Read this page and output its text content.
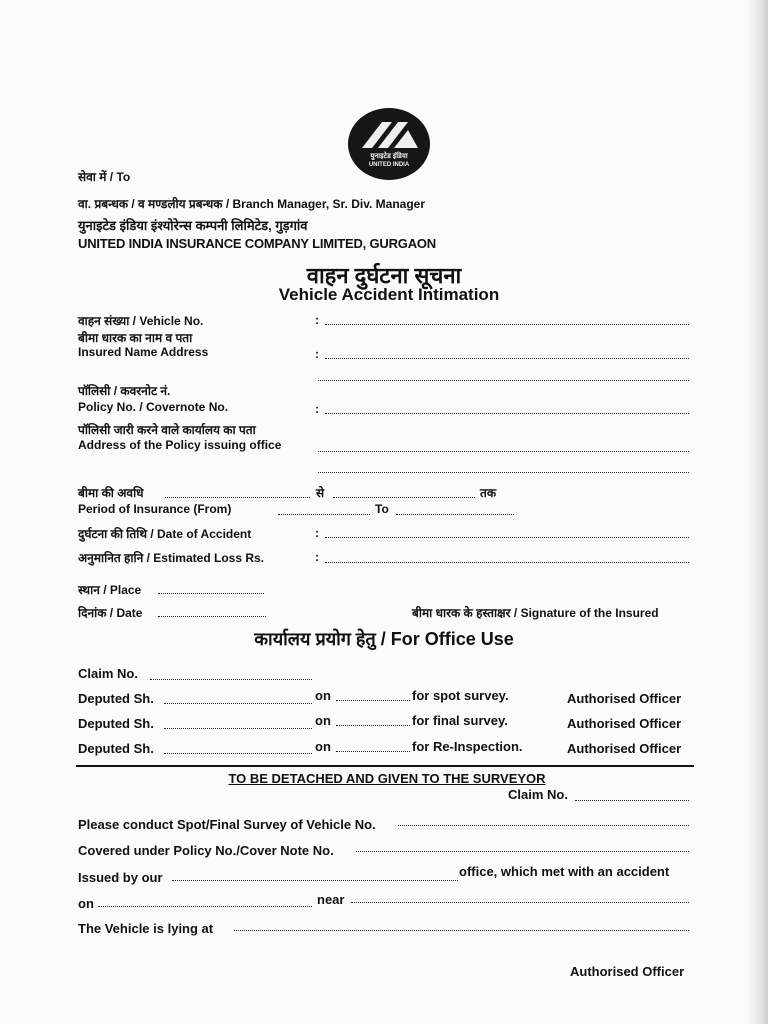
युनाइटेड इंडिया
UNITED INDIA
सेवा में / To
वा. प्रबन्धक / व मण्डलीय प्रबन्धक / Branch Manager, Sr. Div. Manager
युनाइटेड इंडिया इंश्योरेन्स कम्पनी लिमिटेड, गुड़गांव
UNITED INDIA INSURANCE COMPANY LIMITED, GURGAON
वाहन दुर्घटना सूचना
Vehicle Accident Intimation
वाहन संख्या / Vehicle No.	:
बीमा धारक का नाम व पता
Insured Name Address	:
पॉलिसी / कवरनोट नं.
Policy No. / Covernote No.	:
पॉलिसी जारी करने वाले कार्यालय का पता
Address of the Policy issuing office
बीमा की अवधि	से	तक
Period of Insurance (From)	To
दुर्घटना की तिथि / Date of Accident	:
अनुमानित हानि / Estimated Loss Rs.	:
स्थान / Place
दिनांक / Date	बीमा धारक के हस्ताक्षर / Signature of the Insured
कार्यालय प्रयोग हेतु / For Office Use
Claim No.
Deputed Sh.	on	for spot survey.	Authorised Officer
Deputed Sh.	on	for final survey.	Authorised Officer
Deputed Sh.	on	for Re-Inspection.	Authorised Officer
TO BE DETACHED AND GIVEN TO THE SURVEYOR
Claim No.
Please conduct Spot/Final Survey of Vehicle No.
Covered under Policy No./Cover Note No.
Issued by our	office, which met with an accident
on	near
The Vehicle is lying at
Authorised Officer
